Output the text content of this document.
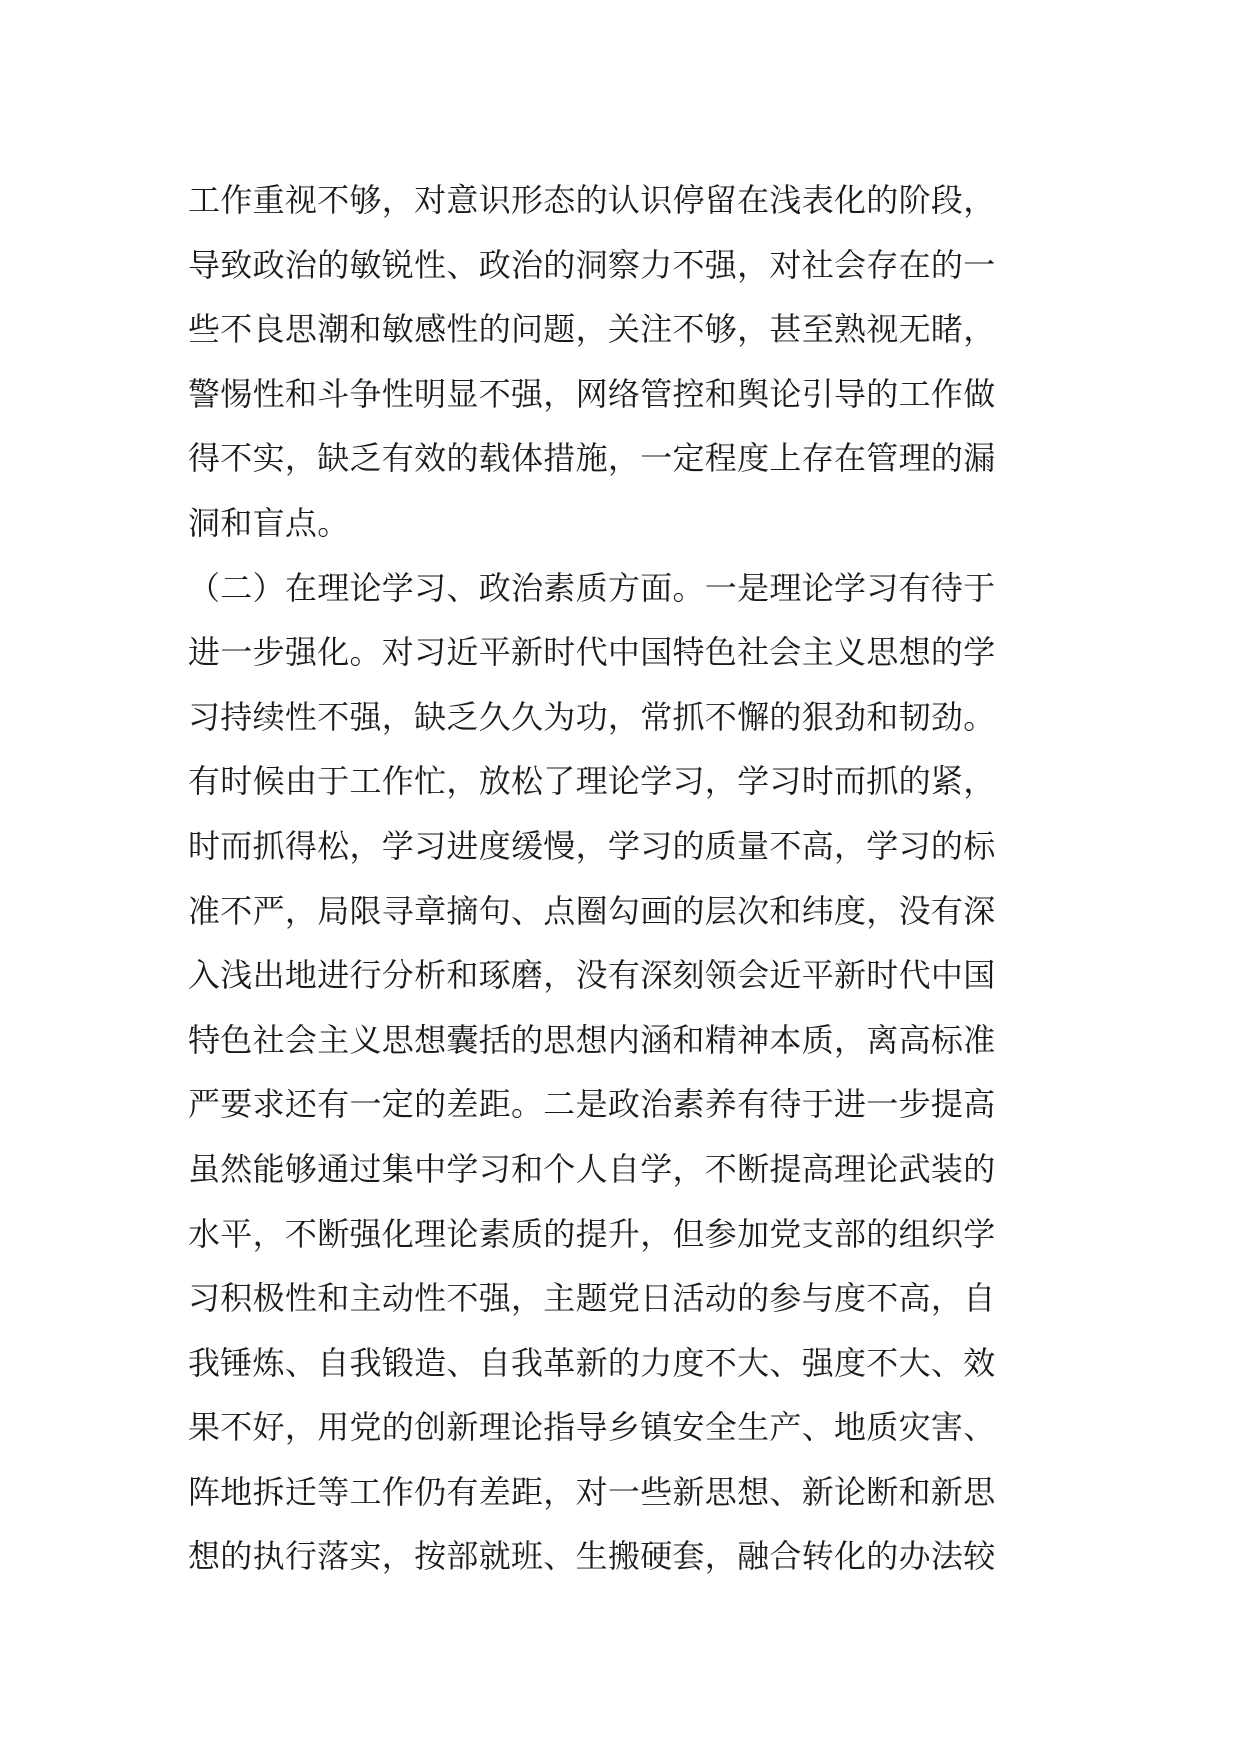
工作重视不够，对意识形态的认识停留在浅表化的阶段，
导致政治的敏锐性、政治的洞察力不强，对社会存在的一
些不良思潮和敏感性的问题，关注不够，甚至熟视无睹，
警惕性和斗争性明显不强，网络管控和舆论引导的工作做
得不实，缺乏有效的载体措施，一定程度上存在管理的漏
洞和盲点。
（二）在理论学习、政治素质方面。一是理论学习有待于
进一步强化。对习近平新时代中国特色社会主义思想的学
习持续性不强，缺乏久久为功，常抓不懈的狠劲和韧劲。
有时候由于工作忙，放松了理论学习，学习时而抓的紧，
时而抓得松，学习进度缓慢，学习的质量不高，学习的标
准不严，局限寻章摘句、点圈勾画的层次和纬度，没有深
入浅出地进行分析和琢磨，没有深刻领会近平新时代中国
特色社会主义思想囊括的思想内涵和精神本质，离高标准
严要求还有一定的差距。二是政治素养有待于进一步提高
虽然能够通过集中学习和个人自学，不断提高理论武装的
水平，不断强化理论素质的提升，但参加党支部的组织学
习积极性和主动性不强，主题党日活动的参与度不高，自
我锤炼、自我锻造、自我革新的力度不大、强度不大、效
果不好，用党的创新理论指导乡镇安全生产、地质灾害、
阵地拆迁等工作仍有差距，对一些新思想、新论断和新思
想的执行落实，按部就班、生搬硬套，融合转化的办法较
